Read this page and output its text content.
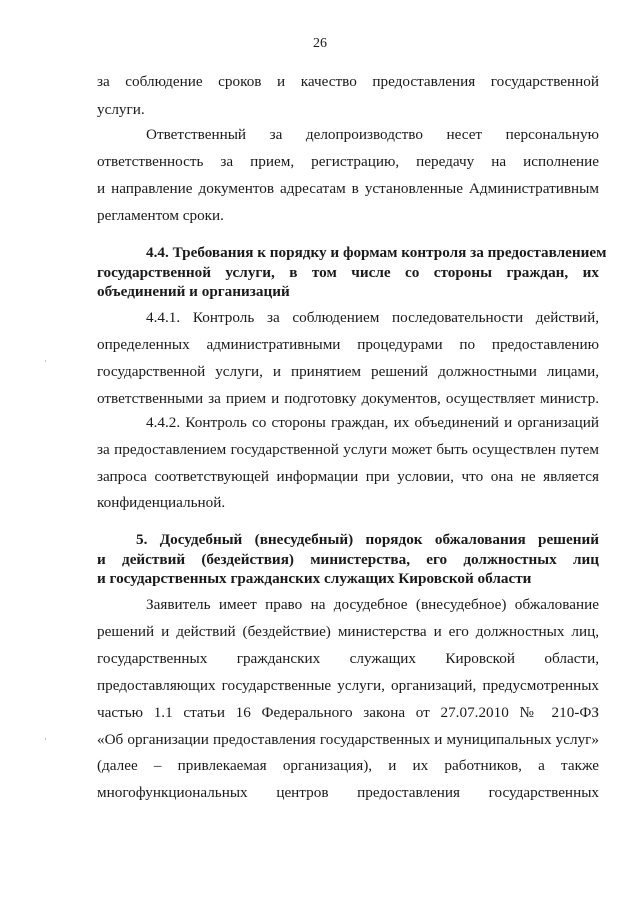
26
за соблюдение сроков и качество предоставления государственной
услуги.
Ответственный за делопроизводство несет персональную
ответственность за прием, регистрацию, передачу на исполнение
и направление документов адресатам в установленные Административным
регламентом сроки.
4.4. Требования к порядку и формам контроля за предоставлением
государственной услуги, в том числе со стороны граждан, их
объединений и организаций
4.4.1. Контроль за соблюдением последовательности действий,
определенных административными процедурами по предоставлению
государственной услуги, и принятием решений должностными лицами,
ответственными за прием и подготовку документов, осуществляет министр.
4.4.2. Контроль со стороны граждан, их объединений и организаций
за предоставлением государственной услуги может быть осуществлен путем
запроса соответствующей информации при условии, что она не является
конфиденциальной.
5. Досудебный (внесудебный) порядок обжалования решений
и действий (бездействия) министерства, его должностных лиц
и государственных гражданских служащих Кировской области
Заявитель имеет право на досудебное (внесудебное) обжалование
решений и действий (бездействие) министерства и его должностных лиц,
государственных гражданских служащих Кировской области,
предоставляющих государственные услуги, организаций, предусмотренных
частью 1.1 статьи 16 Федерального закона от 27.07.2010 № 210-ФЗ
«Об организации предоставления государственных и муниципальных услуг»
(далее – привлекаемая организация), и их работников, а также
многофункциональных центров предоставления государственных
